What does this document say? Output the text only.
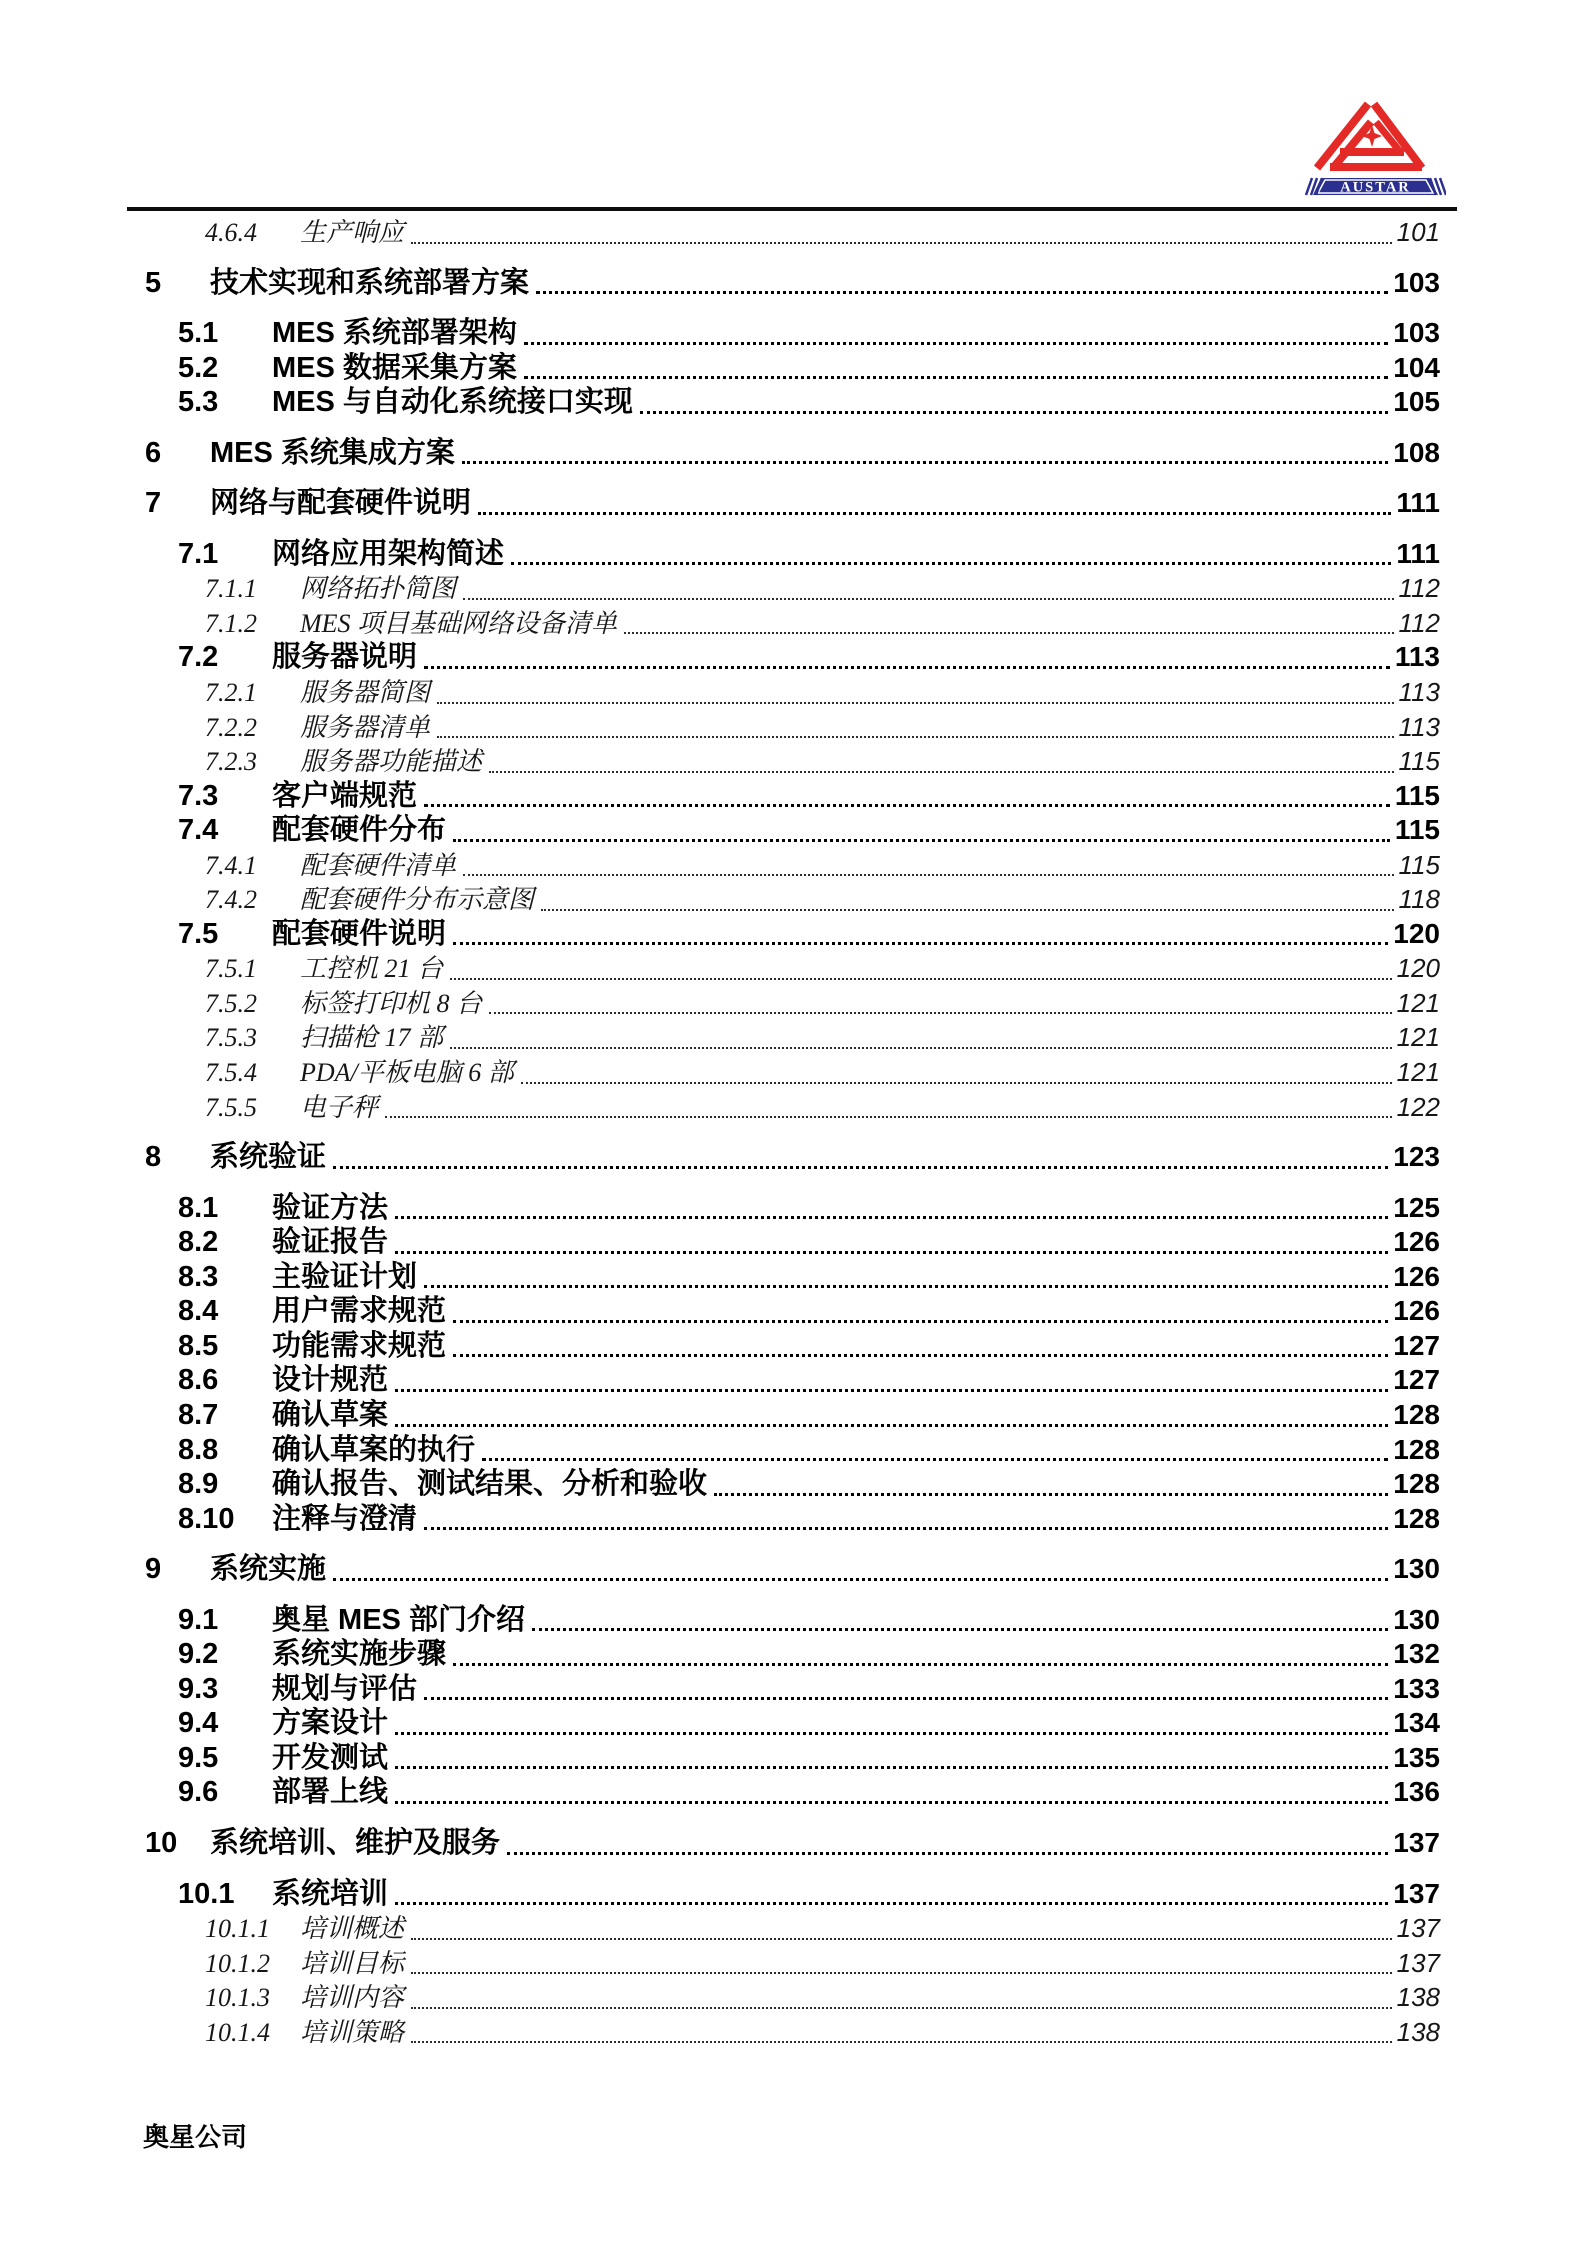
AUSTAR
4.6.4	生产响应	101
5	技术实现和系统部署方案	103
5.1	MES 系统部署架构	103
5.2	MES 数据采集方案	104
5.3	MES 与自动化系统接口实现	105
6	MES 系统集成方案	108
7	网络与配套硬件说明	111
7.1	网络应用架构简述	111
7.1.1	网络拓扑简图	112
7.1.2	MES 项目基础网络设备清单	112
7.2	服务器说明	113
7.2.1	服务器简图	113
7.2.2	服务器清单	113
7.2.3	服务器功能描述	115
7.3	客户端规范	115
7.4	配套硬件分布	115
7.4.1	配套硬件清单	115
7.4.2	配套硬件分布示意图	118
7.5	配套硬件说明	120
7.5.1	工控机 21 台	120
7.5.2	标签打印机 8 台	121
7.5.3	扫描枪 17 部	121
7.5.4	PDA/平板电脑 6 部	121
7.5.5	电子秤	122
8	系统验证	123
8.1	验证方法	125
8.2	验证报告	126
8.3	主验证计划	126
8.4	用户需求规范	126
8.5	功能需求规范	127
8.6	设计规范	127
8.7	确认草案	128
8.8	确认草案的执行	128
8.9	确认报告、测试结果、分析和验收	128
8.10	注释与澄清	128
9	系统实施	130
9.1	奥星 MES 部门介绍	130
9.2	系统实施步骤	132
9.3	规划与评估	133
9.4	方案设计	134
9.5	开发测试	135
9.6	部署上线	136
10	系统培训、维护及服务	137
10.1	系统培训	137
10.1.1	培训概述	137
10.1.2	培训目标	137
10.1.3	培训内容	138
10.1.4	培训策略	138
奥星公司
